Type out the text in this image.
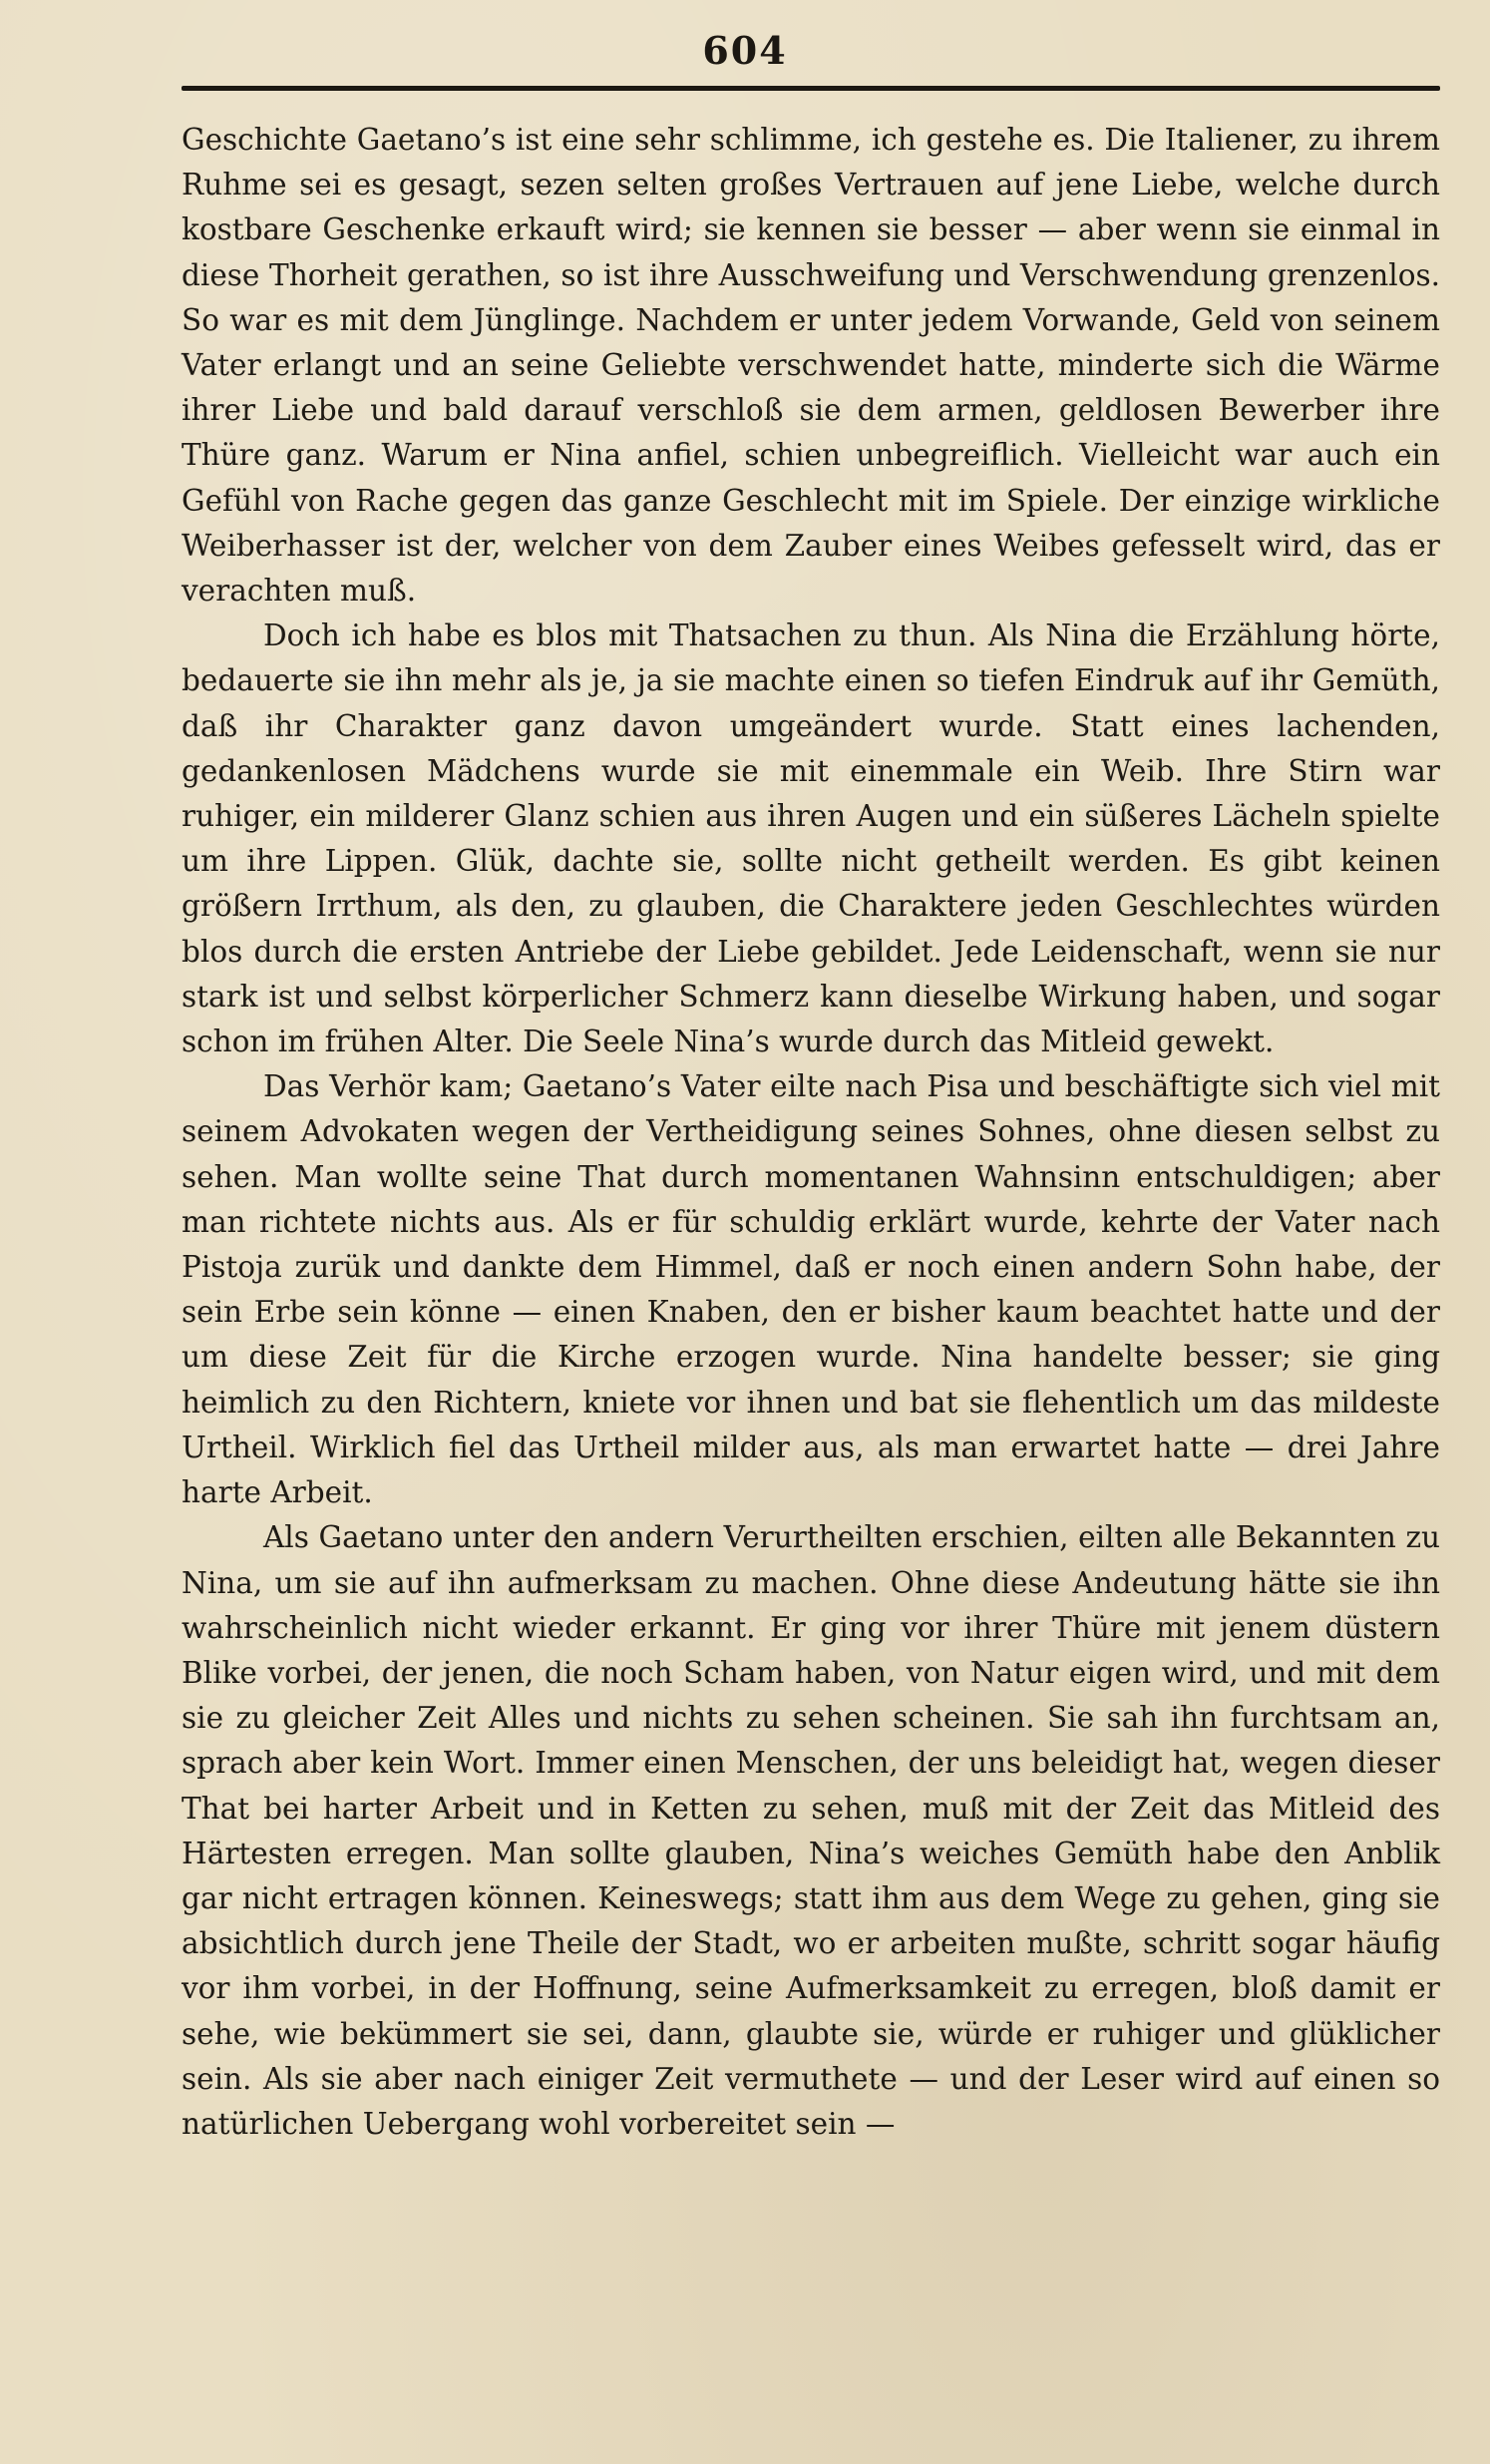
604

Geschichte Gaetano’s ist eine sehr schlimme, ich gestehe es. Die Italiener, zu ihrem Ruhme sei es gesagt, sezen selten großes Vertrauen auf jene Liebe, welche durch kostbare Geschenke erkauft wird; sie kennen sie besser — aber wenn sie einmal in diese Thorheit gerathen, so ist ihre Ausschweifung und Verschwendung grenzenlos. So war es mit dem Jünglinge. Nachdem er unter jedem Vorwande, Geld von seinem Vater erlangt und an seine Geliebte verschwendet hatte, minderte sich die Wärme ihrer Liebe und bald darauf verschloß sie dem armen, geldlosen Bewerber ihre Thüre ganz. Warum er Nina anfiel, schien unbegreiflich. Vielleicht war auch ein Gefühl von Rache gegen das ganze Geschlecht mit im Spiele. Der einzige wirkliche Weiberhasser ist der, welcher von dem Zauber eines Weibes gefesselt wird, das er verachten muß.

Doch ich habe es blos mit Thatsachen zu thun. Als Nina die Erzählung hörte, bedauerte sie ihn mehr als je, ja sie machte einen so tiefen Eindruk auf ihr Gemüth, daß ihr Charakter ganz davon umgeändert wurde. Statt eines lachenden, gedankenlosen Mädchens wurde sie mit einemmale ein Weib. Ihre Stirn war ruhiger, ein milderer Glanz schien aus ihren Augen und ein süßeres Lächeln spielte um ihre Lippen. Glük, dachte sie, sollte nicht getheilt werden. Es gibt keinen größern Irrthum, als den, zu glauben, die Charaktere jeden Geschlechtes würden blos durch die ersten Antriebe der Liebe gebildet. Jede Leidenschaft, wenn sie nur stark ist und selbst körperlicher Schmerz kann dieselbe Wirkung haben, und sogar schon im frühen Alter. Die Seele Nina’s wurde durch das Mitleid gewekt.

Das Verhör kam; Gaetano’s Vater eilte nach Pisa und beschäftigte sich viel mit seinem Advokaten wegen der Vertheidigung seines Sohnes, ohne diesen selbst zu sehen. Man wollte seine That durch momentanen Wahnsinn entschuldigen; aber man richtete nichts aus. Als er für schuldig erklärt wurde, kehrte der Vater nach Pistoja zurük und dankte dem Himmel, daß er noch einen andern Sohn habe, der sein Erbe sein könne — einen Knaben, den er bisher kaum beachtet hatte und der um diese Zeit für die Kirche erzogen wurde. Nina handelte besser; sie ging heimlich zu den Richtern, kniete vor ihnen und bat sie flehentlich um das mildeste Urtheil. Wirklich fiel das Urtheil milder aus, als man erwartet hatte — drei Jahre harte Arbeit.

Als Gaetano unter den andern Verurtheilten erschien, eilten alle Bekannten zu Nina, um sie auf ihn aufmerksam zu machen. Ohne diese Andeutung hätte sie ihn wahrscheinlich nicht wieder erkannt. Er ging vor ihrer Thüre mit jenem düstern Blike vorbei, der jenen, die noch Scham haben, von Natur eigen wird, und mit dem sie zu gleicher Zeit Alles und nichts zu sehen scheinen. Sie sah ihn furchtsam an, sprach aber kein Wort. Immer einen Menschen, der uns beleidigt hat, wegen dieser That bei harter Arbeit und in Ketten zu sehen, muß mit der Zeit das Mitleid des Härtesten erregen. Man sollte glauben, Nina’s weiches Gemüth habe den Anblik gar nicht ertragen können. Keineswegs; statt ihm aus dem Wege zu gehen, ging sie absichtlich durch jene Theile der Stadt, wo er arbeiten mußte, schritt sogar häufig vor ihm vorbei, in der Hoffnung, seine Aufmerksamkeit zu erregen, bloß damit er sehe, wie bekümmert sie sei, dann, glaubte sie, würde er ruhiger und glüklicher sein. Als sie aber nach einiger Zeit vermuthete — und der Leser wird auf einen so natürlichen Uebergang wohl vorbereitet sein —
